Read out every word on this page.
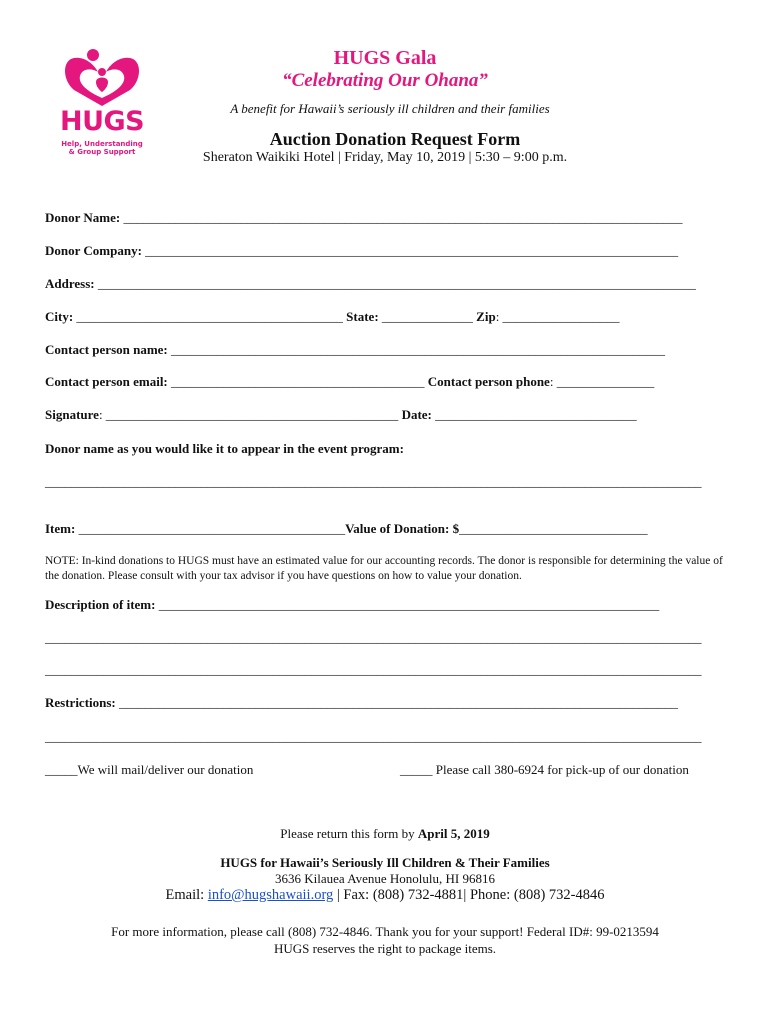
HUGS
Help, Understanding
& Group Support
HUGS Gala
“Celebrating Our Ohana”
A benefit for Hawaii’s seriously ill children and their families
Auction Donation Request Form
Sheraton Waikiki Hotel | Friday, May 10, 2019 | 5:30 – 9:00 p.m.
Donor Name: ______________________________________________________________________________________
Donor Company: __________________________________________________________________________________
Address: ____________________________________________________________________________________________
City: _________________________________________ State: ______________ Zip: __________________
Contact person name: ____________________________________________________________________________
Contact person email: _______________________________________ Contact person phone: _______________
Signature: _____________________________________________ Date: _______________________________
Donor name as you would like it to appear in the event program:
_____________________________________________________________________________________________________
Item: _________________________________________Value of Donation: $_____________________________
NOTE: In-kind donations to HUGS must have an estimated value for our accounting records. The donor is responsible for determining the value of the donation. Please consult with your tax advisor if you have questions on how to value your donation.
Description of item: _____________________________________________________________________________
_____________________________________________________________________________________________________
_____________________________________________________________________________________________________
Restrictions: ______________________________________________________________________________________
_____________________________________________________________________________________________________
_____We will mail/deliver our donation	_____ Please call 380-6924 for pick-up of our donation
Please return this form by April 5, 2019
HUGS for Hawaii’s Seriously Ill Children & Their Families
3636 Kilauea Avenue Honolulu, HI 96816
Email: info@hugshawaii.org | Fax: (808) 732-4881| Phone: (808) 732-4846
For more information, please call (808) 732-4846. Thank you for your support! Federal ID#: 99-0213594
HUGS reserves the right to package items.
